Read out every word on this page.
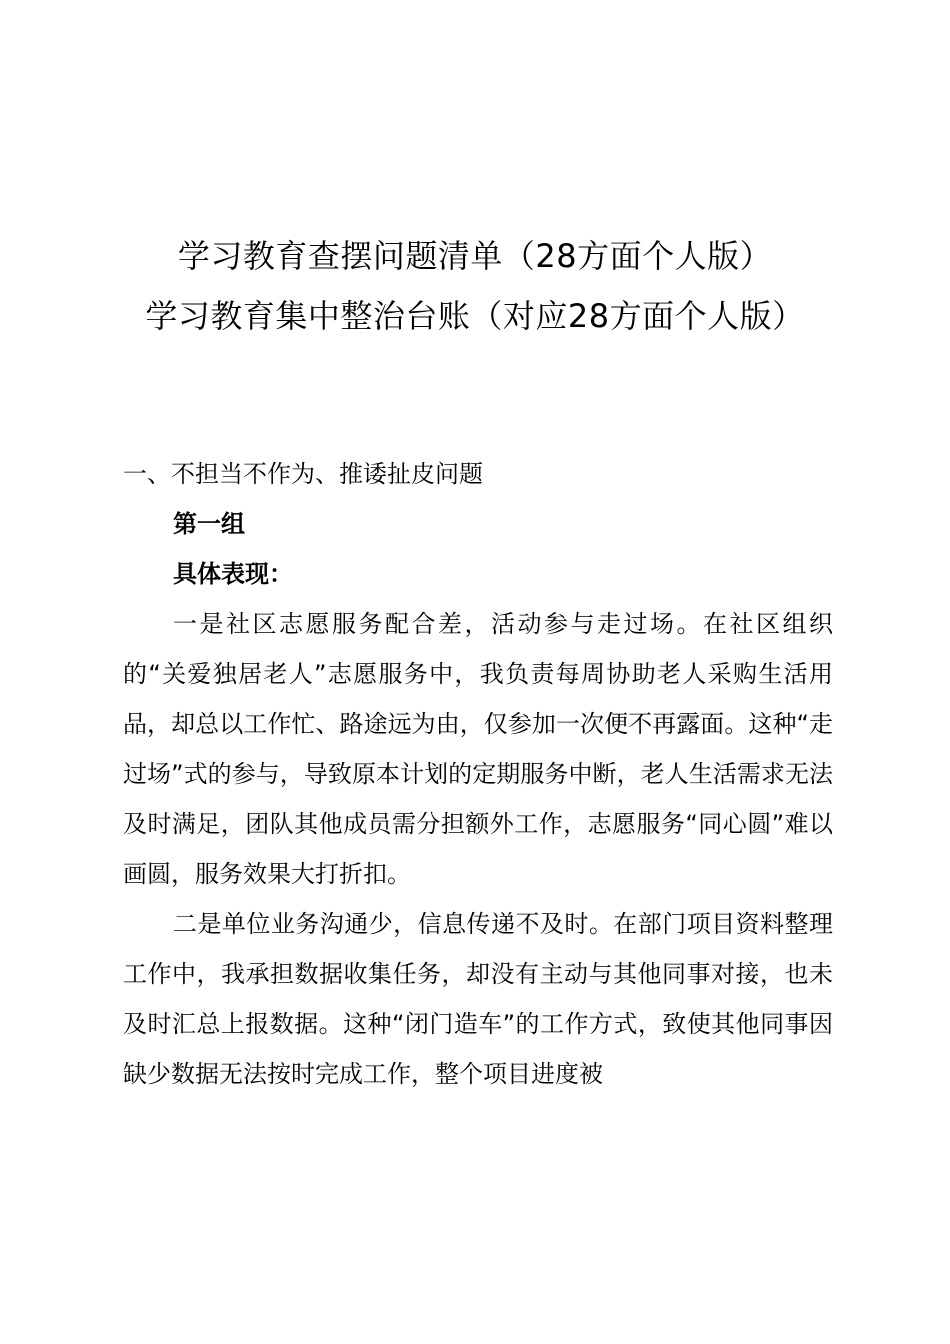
学习教育查摆问题清单（28方面个人版）
学习教育集中整治台账（对应28方面个人版）
一、不担当不作为、推诿扯皮问题
第一组
具体表现：

一是社区志愿服务配合差，活动参与走过场。在社区组织的“关爱独居老人”志愿服务中，我负责每周协助老人采购生活用品，却总以工作忙、路途远为由，仅参加一次便不再露面。这种“走过场”式的参与，导致原本计划的定期服务中断，老人生活需求无法及时满足，团队其他成员需分担额外工作，志愿服务“同心圆”难以画圆，服务效果大打折扣。

二是单位业务沟通少，信息传递不及时。在部门项目资料整理工作中，我承担数据收集任务，却没有主动与其他同事对接，也未及时汇总上报数据。这种“闭门造车”的工作方式，致使其他同事因缺少数据无法按时完成工作，整个项目进度被
